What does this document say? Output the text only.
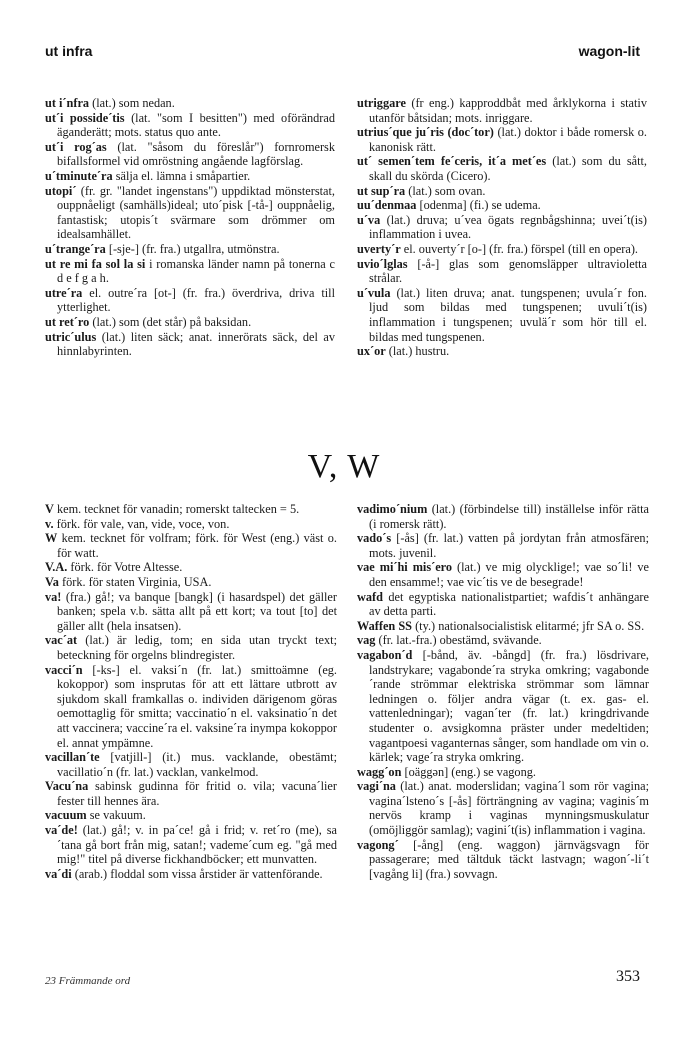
ut infra	wagon-lit

ut i´nfra (lat.) som nedan.

ut´i posside´tis (lat. "som I besitten") med oförändrad äganderätt; mots. status quo ante.

ut´i rog´as (lat. "såsom du föreslår") fornromersk bifallsformel vid omröstning angående lagförslag.

u´tminute´ra sälja el. lämna i småpartier.

utopi´ (fr. gr. "landet ingenstans") uppdiktad mönsterstat, ouppnåeligt (samhälls)ideal; uto´pisk [-tå-] ouppnåelig, fantastisk; utopis´t svärmare som drömmer om idealsamhället.

u´trange´ra [-sje-] (fr. fra.) utgallra, utmönstra.

ut re mi fa sol la si i romanska länder namn på tonerna c d e f g a h.

utre´ra el. outre´ra [ot-] (fr. fra.) överdriva, driva till ytterlighet.

ut ret´ro (lat.) som (det står) på baksidan.

utric´ulus (lat.) liten säck; anat. innerörats säck, del av hinnlabyrinten.

utriggare (fr eng.) kapproddbåt med årklykorna i stativ utanför båtsidan; mots. inriggare.

utrius´que ju´ris (doc´tor) (lat.) doktor i både romersk o. kanonisk rätt.

ut´ semen´tem fe´ceris, it´a met´es (lat.) som du sått, skall du skörda (Cicero).

ut sup´ra (lat.) som ovan.

uu´denmaa [odenma] (fi.) se udema.

u´va (lat.) druva; u´vea ögats regnbågshinna; uvei´t(is) inflammation i uvea.

uverty´r el. ouverty´r [o-] (fr. fra.) förspel (till en opera).

uvio´lglas [-å-] glas som genomsläpper ultravioletta strålar.

u´vula (lat.) liten druva; anat. tungspenen; uvula´r fon. ljud som bildas med tungspenen; uvuli´t(is) inflammation i tungspenen; uvulä´r som hör till el. bildas med tungspenen.

ux´or (lat.) hustru.

V, W

V kem. tecknet för vanadin; romerskt taltecken = 5.

v. förk. för vale, van, vide, voce, von.

W kem. tecknet för volfram; förk. för West (eng.) väst o. för watt.

V.A. förk. för Votre Altesse.

Va förk. för staten Virginia, USA.

va! (fra.) gå!; va banque [bangk] (i hasardspel) det gäller banken; spela v.b. sätta allt på ett kort; va tout [to] det gäller allt (hela insatsen).

vac´at (lat.) är ledig, tom; en sida utan tryckt text; beteckning för orgelns blindregister.

vacci´n [-ks-] el. vaksi´n (fr. lat.) smittoämne (eg. kokoppor) som insprutas för att ett lättare utbrott av sjukdom skall framkallas o. individen därigenom göras oemottaglig för smitta; vaccinatio´n el. vaksinatio´n det att vaccinera; vaccine´ra el. vaksine´ra inympa kokoppor el. annat ympämne.

vacillan´te [vatjill-] (it.) mus. vacklande, obestämt; vacillatio´n (fr. lat.) vacklan, vankelmod.

Vacu´na sabinsk gudinna för fritid o. vila; vacuna´lier fester till hennes ära.

vacuum se vakuum.

va´de! (lat.) gå!; v. in pa´ce! gå i frid; v. ret´ro (me), sa´tana gå bort från mig, satan!; vademe´cum eg. "gå med mig!" titel på diverse fickhandböcker; ett munvatten.

va´di (arab.) floddal som vissa årstider är vattenförande.

vadimo´nium (lat.) (förbindelse till) inställelse inför rätta (i romersk rätt).

vado´s [-ås] (fr. lat.) vatten på jordytan från atmosfären; mots. juvenil.

vae mi´hi mis´ero (lat.) ve mig olycklige!; vae so´li! ve den ensamme!; vae vic´tis ve de besegrade!

wafd det egyptiska nationalistpartiet; wafdis´t anhängare av detta parti.

Waffen SS (ty.) nationalsocialistisk elitarmé; jfr SA o. SS.

vag (fr. lat.-fra.) obestämd, svävande.

vagabon´d [-bånd, äv. -bångd] (fr. fra.) lösdrivare, landstrykare; vagabonde´ra stryka omkring; vagabonde´rande strömmar elektriska strömmar som lämnar ledningen o. följer andra vägar (t. ex. gas- el. vattenledningar); vagan´ter (fr. lat.) kringdrivande studenter o. avsigkomna präster under medeltiden; vagantpoesi vaganternas sånger, som handlade om vin o. kärlek; vage´ra stryka omkring.

wagg´on [oäggən] (eng.) se vagong.

vagi´na (lat.) anat. moderslidan; vagina´l som rör vagina; vagina´lsteno´s [-ås] förträngning av vagina; vaginis´m nervös kramp i vaginas mynningsmuskulatur (omöjliggör samlag); vagini´t(is) inflammation i vagina.

vagong´ [-ång] (eng. waggon) järnvägsvagn för passagerare; med tältduk täckt lastvagn; wagon´-li´t [vagång li] (fra.) sovvagn.

23 Främmande ord	353
